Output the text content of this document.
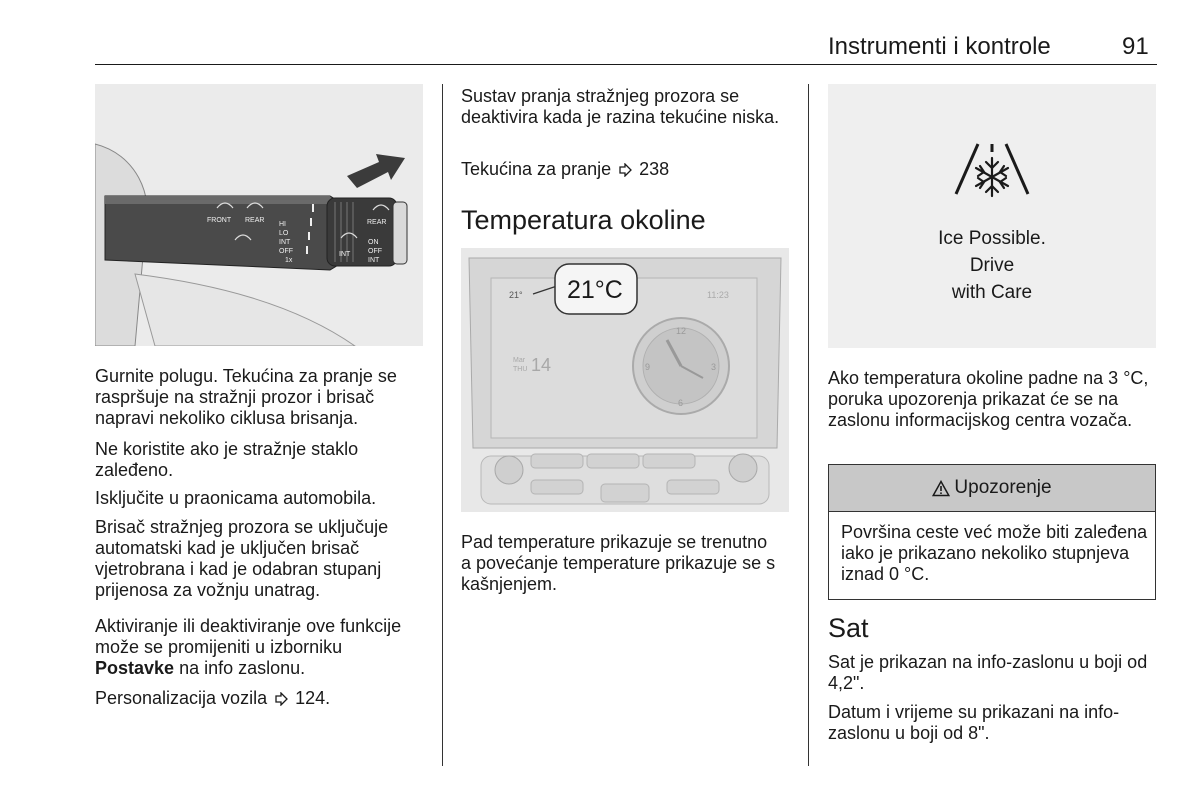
Instrumenti i kontrole	91
FRONT REAR
HI
LO
INT
OFF
1x
INT
REAR
ON
OFF
INT

Gurnite polugu. Tekućina za pranje se raspršuje na stražnji prozor i brisač napravi nekoliko ciklusa brisanja.

Ne koristite ako je stražnje staklo zaleđeno.

Isključite u praonicama automobila.

Brisač stražnjeg prozora se uključuje automatski kad je uključen brisač vjetrobrana i kad je odabran stupanj prijenosa za vožnju unatrag.

Aktiviranje ili deaktiviranje ove funkcije može se promijeniti u izborniku Postavke na info zaslonu.

Personalizacija vozila 124.

Sustav pranja stražnjeg prozora se deaktivira kada je razina tekućine niska.

Tekućina za pranje 238

Temperatura okoline
12
3
6
9
Mar
THU 14
21°	11:23
21°C

Pad temperature prikazuje se trenutno a povećanje temperature prikazuje se s kašnjenjem.

Ice Possible.
Drive
with Care

Ako temperatura okoline padne na 3 °C, poruka upozorenja prikazat će se na zaslonu informacijskog centra vozača.

Upozorenje
Površina ceste već može biti zaleđena iako je prikazano nekoliko stupnjeva iznad 0 °C.
Sat

Sat je prikazan na info-zaslonu u boji od 4,2".

Datum i vrijeme su prikazani na info-zaslonu u boji od 8".
